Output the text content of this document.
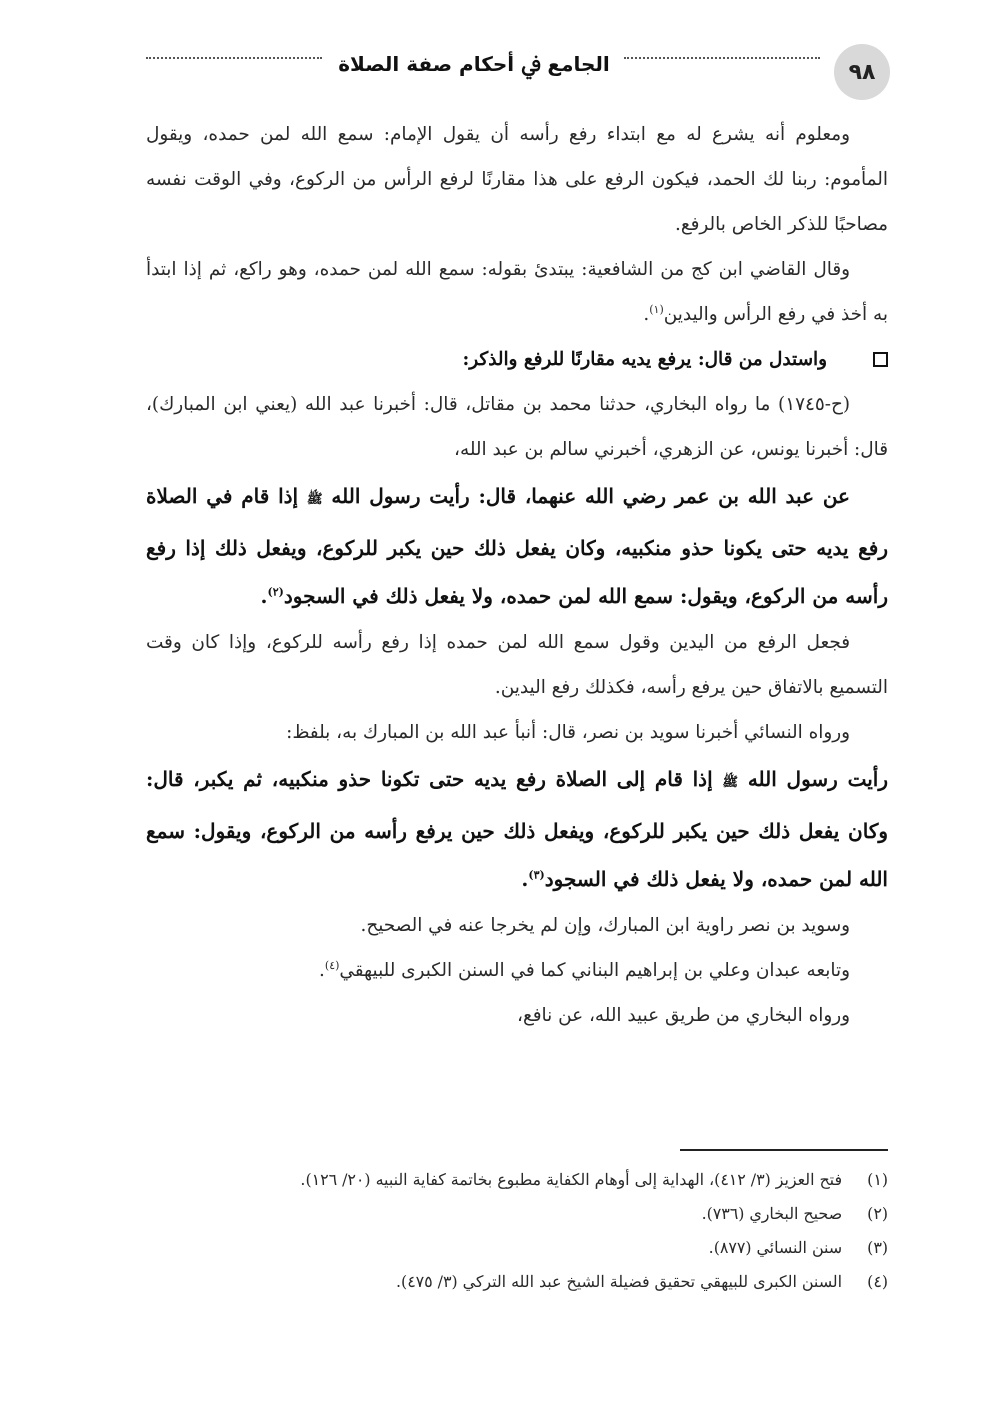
٩٨
الجامع ﰲ أحكام صفة الصلاة

ومعلوم أنه يشرع له مع ابتداء رفع رأسه أن يقول الإمام: سمع الله لمن حمده، ويقول المأموم: ربنا لك الحمد، فيكون الرفع على هذا مقارنًا لرفع الرأس من الركوع، وفي الوقت نفسه مصاحبًا للذكر الخاص بالرفع.

وقال القاضي ابن كج من الشافعية: يبتدئ بقوله: سمع الله لمن حمده، وهو راكع، ثم إذا ابتدأ به أخذ في رفع الرأس واليدين$^{(١)}$.

واستدل من قال: يرفع يديه مقارنًا للرفع والذكر:

(ح-١٧٤٥) ما رواه البخاري، حدثنا محمد بن مقاتل، قال: أخبرنا عبد الله (يعني ابن المبارك)، قال: أخبرنا يونس، عن الزهري، أخبرني سالم بن عبد الله،

عن عبد الله بن عمر رضي الله عنهما، قال: رأيت رسول الله ﷺ إذا قام في الصلاة رفع يديه حتى يكونا حذو منكبيه، وكان يفعل ذلك حين يكبر للركوع، ويفعل ذلك إذا رفع رأسه من الركوع، ويقول: سمع الله لمن حمده، ولا يفعل ذلك في السجود$^{(٢)}$.

فجعل الرفع من اليدين وقول سمع الله لمن حمده إذا رفع رأسه للركوع، وإذا كان وقت التسميع بالاتفاق حين يرفع رأسه، فكذلك رفع اليدين.

ورواه النسائي أخبرنا سويد بن نصر، قال: أنبأ عبد الله بن المبارك به، بلفظ:

رأيت رسول الله ﷺ إذا قام إلى الصلاة رفع يديه حتى تكونا حذو منكبيه، ثم يكبر، قال: وكان يفعل ذلك حين يكبر للركوع، ويفعل ذلك حين يرفع رأسه من الركوع، ويقول: سمع الله لمن حمده، ولا يفعل ذلك في السجود$^{(٣)}$.

وسويد بن نصر راوية ابن المبارك، وإن لم يخرجا عنه في الصحيح.

وتابعه عبدان وعلي بن إبراهيم البناني كما في السنن الكبرى للبيهقي$^{(٤)}$.

ورواه البخاري من طريق عبيد الله، عن نافع،

(١)
فتح العزيز (٣/ ٤١٢)، الهداية إلى أوهام الكفاية مطبوع بخاتمة كفاية النبيه (٢٠/ ١٢٦).
(٢)
صحيح البخاري (٧٣٦).
(٣)
سنن النسائي (٨٧٧).
(٤)
السنن الكبرى للبيهقي تحقيق فضيلة الشيخ عبد الله التركي (٣/ ٤٧٥).
